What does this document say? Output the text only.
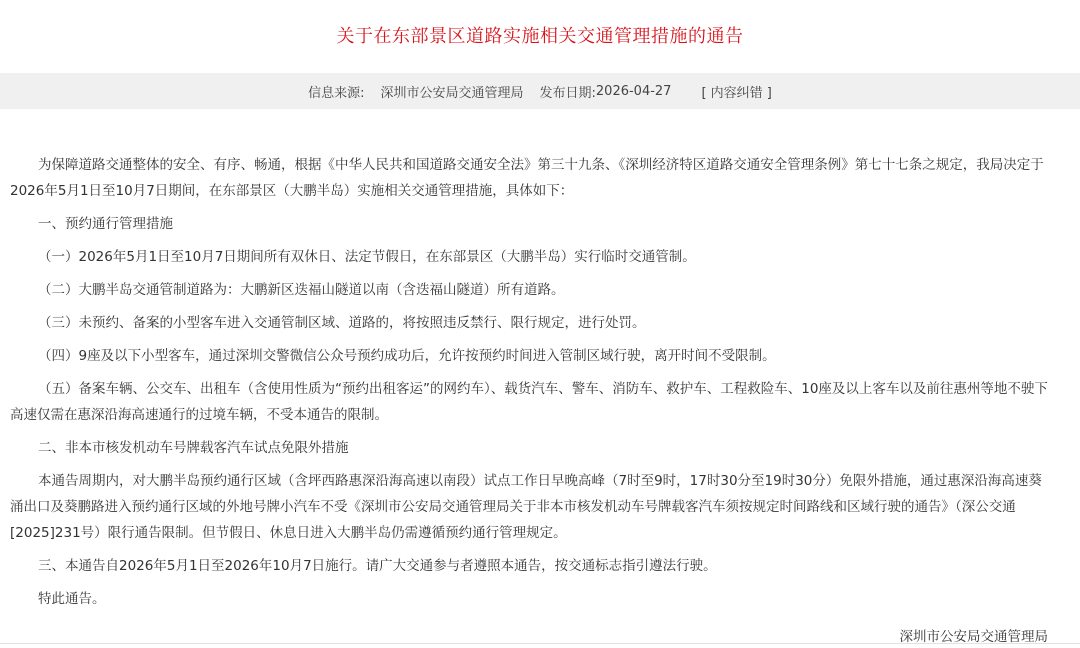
关于在东部景区道路实施相关交通管理措施的通告
信息来源: 深圳市公安局交通管理局 发布日期: 2026-04-27 [ 内容纠错 ]

为保障道路交通整体的安全、有序、畅通，根据《中华人民共和国道路交通安全法》第三十九条、《深圳经济特区道路交通安全管理条例》第七十七条之规定，我局决定于2026年5月1日至10月7日期间，在东部景区（大鹏半岛）实施相关交通管理措施，具体如下：

一、预约通行管理措施

（一）2026年5月1日至10月7日期间所有双休日、法定节假日，在东部景区（大鹏半岛）实行临时交通管制。

（二）大鹏半岛交通管制道路为：大鹏新区迭福山隧道以南（含迭福山隧道）所有道路。

（三）未预约、备案的小型客车进入交通管制区域、道路的，将按照违反禁行、限行规定，进行处罚。

（四）9座及以下小型客车，通过深圳交警微信公众号预约成功后，允许按预约时间进入管制区域行驶，离开时间不受限制。

（五）备案车辆、公交车、出租车（含使用性质为“预约出租客运”的网约车）、载货汽车、警车、消防车、救护车、工程救险车、10座及以上客车以及前往惠州等地不驶下高速仅需在惠深沿海高速通行的过境车辆，不受本通告的限制。

二、非本市核发机动车号牌载客汽车试点免限外措施

本通告周期内，对大鹏半岛预约通行区域（含坪西路惠深沿海高速以南段）试点工作日早晚高峰（7时至9时，17时30分至19时30分）免限外措施，通过惠深沿海高速葵涌出口及葵鹏路进入预约通行区域的外地号牌小汽车不受《深圳市公安局交通管理局关于非本市核发机动车号牌载客汽车须按规定时间路线和区域行驶的通告》（深公交通[2025]231号）限行通告限制。但节假日、休息日进入大鹏半岛仍需遵循预约通行管理规定。

三、本通告自2026年5月1日至2026年10月7日施行。请广大交通参与者遵照本通告，按交通标志指引遵法行驶。

特此通告。

深圳市公安局交通管理局
